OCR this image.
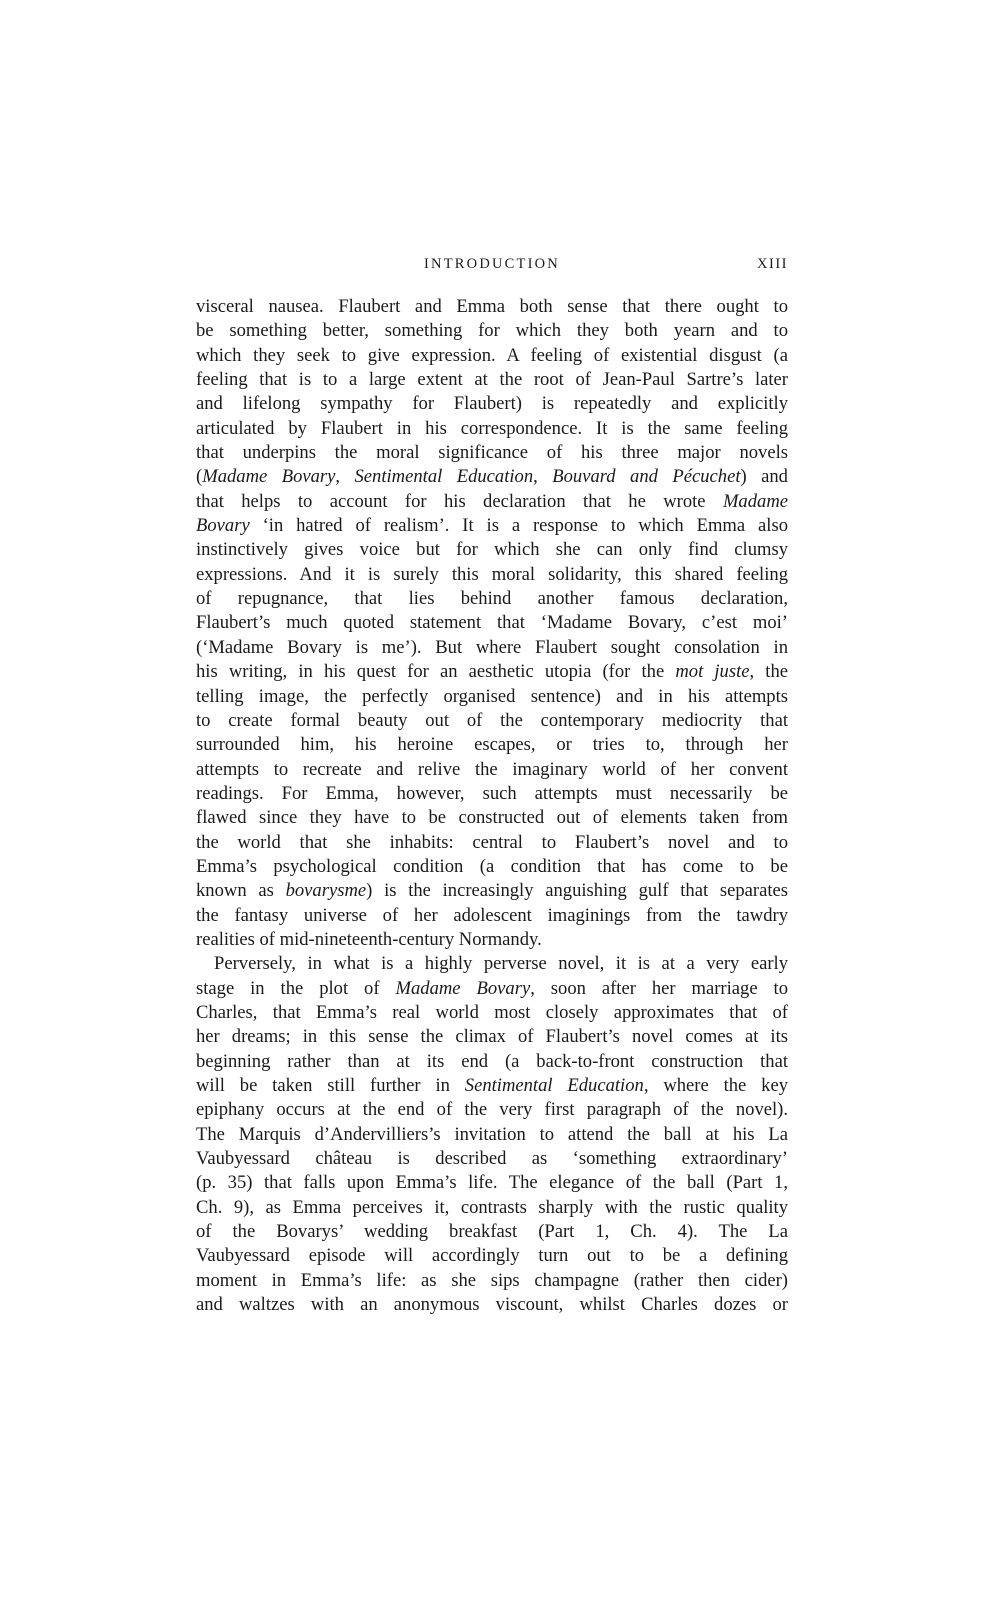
INTRODUCTION	XIII

visceral nausea. Flaubert and Emma both sense that there ought to
be something better, something for which they both yearn and to
which they seek to give expression. A feeling of existential disgust (a
feeling that is to a large extent at the root of Jean-Paul Sartre’s later
and lifelong sympathy for Flaubert) is repeatedly and explicitly
articulated by Flaubert in his correspondence. It is the same feeling
that underpins the moral significance of his three major novels
(Madame Bovary, Sentimental Education, Bouvard and Pécuchet) and
that helps to account for his declaration that he wrote Madame
Bovary ‘in hatred of realism’. It is a response to which Emma also
instinctively gives voice but for which she can only find clumsy
expressions. And it is surely this moral solidarity, this shared feeling
of repugnance, that lies behind another famous declaration,
Flaubert’s much quoted statement that ‘Madame Bovary, c’est moi’
(‘Madame Bovary is me’). But where Flaubert sought consolation in
his writing, in his quest for an aesthetic utopia (for the mot juste, the
telling image, the perfectly organised sentence) and in his attempts
to create formal beauty out of the contemporary mediocrity that
surrounded him, his heroine escapes, or tries to, through her
attempts to recreate and relive the imaginary world of her convent
readings. For Emma, however, such attempts must necessarily be
flawed since they have to be constructed out of elements taken from
the world that she inhabits: central to Flaubert’s novel and to
Emma’s psychological condition (a condition that has come to be
known as bovarysme) is the increasingly anguishing gulf that separates
the fantasy universe of her adolescent imaginings from the tawdry
realities of mid-nineteenth-century Normandy.

Perversely, in what is a highly perverse novel, it is at a very early
stage in the plot of Madame Bovary, soon after her marriage to
Charles, that Emma’s real world most closely approximates that of
her dreams; in this sense the climax of Flaubert’s novel comes at its
beginning rather than at its end (a back-to-front construction that
will be taken still further in Sentimental Education, where the key
epiphany occurs at the end of the very first paragraph of the novel).
The Marquis d’Andervilliers’s invitation to attend the ball at his La
Vaubyessard château is described as ‘something extraordinary’
(p. 35) that falls upon Emma’s life. The elegance of the ball (Part 1,
Ch. 9), as Emma perceives it, contrasts sharply with the rustic quality
of the Bovarys’ wedding breakfast (Part 1, Ch. 4). The La
Vaubyessard episode will accordingly turn out to be a defining
moment in Emma’s life: as she sips champagne (rather then cider)
and waltzes with an anonymous viscount, whilst Charles dozes or
